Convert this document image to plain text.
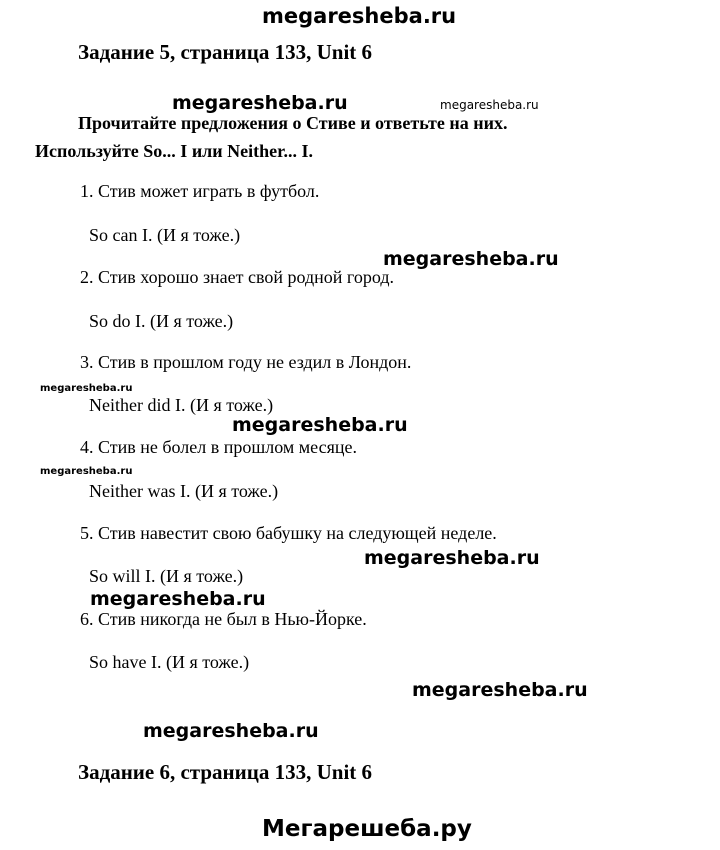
megaresheba.ru
Задание 5, страница 133, Unit 6
megaresheba.ru	megaresheba.ru
Прочитайте предложения о Стиве и ответьте на них.
Используйте So... I или Neither... I.
1. Стив может играть в футбол.
So can I. (И я тоже.)
megaresheba.ru
2. Стив хорошо знает свой родной город.
So do I. (И я тоже.)
3. Стив в прошлом году не ездил в Лондон.
megaresheba.ru
Neither did I. (И я тоже.)
megaresheba.ru
4. Стив не болел в прошлом месяце.
megaresheba.ru
Neither was I. (И я тоже.)
5. Стив навестит свою бабушку на следующей неделе.
megaresheba.ru
So will I. (И я тоже.)
megaresheba.ru
6. Стив никогда не был в Нью-Йорке.
So have I. (И я тоже.)
megaresheba.ru
megaresheba.ru
Задание 6, страница 133, Unit 6
Мегарешеба.ру
